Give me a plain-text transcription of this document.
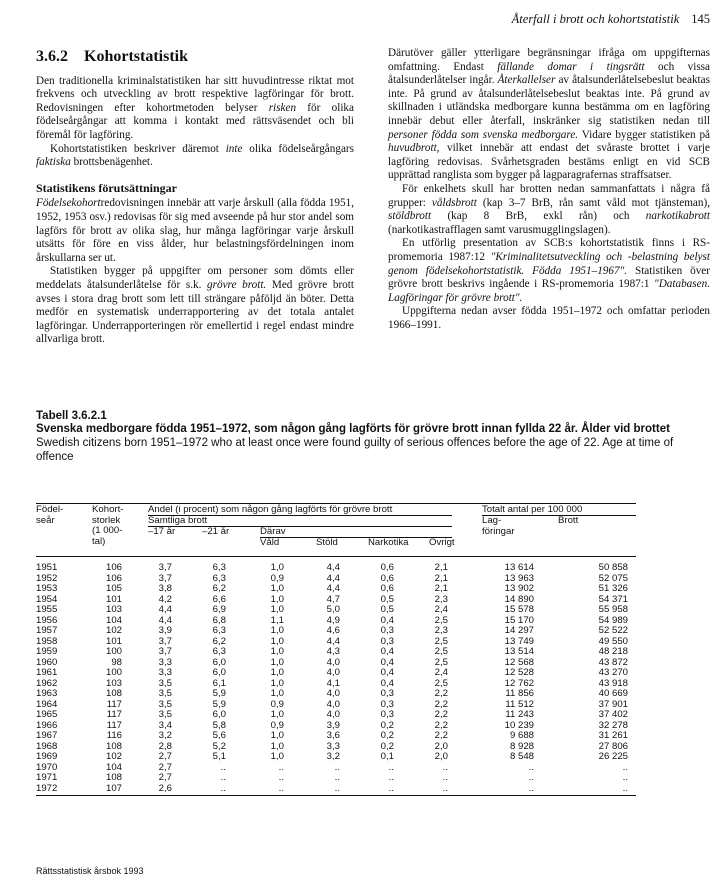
Återfall i brott och kohortstatistik 145
3.6.2 Kohortstatistik

Den traditionella kriminalstatistiken har sitt huvudintresse riktat mot frekvens och utveckling av brott respektive lagföringar för brott. Redovisningen efter kohortmetoden belyser risken för olika födelseårgångar att komma i kontakt med rättsväsendet och bli föremål för lagföring.

Kohortstatistiken beskriver däremot inte olika födelseårgångars faktiska brottsbenägenhet.

Statistikens förutsättningar

Födelsekohortredovisningen innebär att varje årskull (alla födda 1951, 1952, 1953 osv.) redovisas för sig med avseende på hur stor andel som lagförs för brott av olika slag, hur många lagföringar varje årskull utsätts för före en viss ålder, hur belastningsfördelningen inom årskullarna ser ut.

Statistiken bygger på uppgifter om personer som dömts eller meddelats åtalsunderlåtelse för s.k. grövre brott. Med grövre brott avses i stora drag brott som lett till strängare påföljd än böter. Detta medför en systematisk underrapportering av det totala antalet lagföringar. Underrapporteringen rör emellertid i regel endast mindre allvarliga brott.

Därutöver gäller ytterligare begränsningar ifråga om uppgifternas omfattning. Endast fällande domar i tingsrätt och vissa åtalsunderlåtelser ingår. Återkallelser av åtalsunderlåtelsebeslut beaktas inte. På grund av åtalsunderlåtelsebeslut beaktas inte. På grund av skillnaden i utländska medborgare kunna bestämma om en lagföring innebär debut eller återfall, inskränker sig statistiken nedan till personer födda som svenska medborgare. Vidare bygger statistiken på huvudbrott, vilket innebär att endast det svåraste brottet i varje lagföring redovisas. Svårhetsgraden bestäms enligt en vid SCB upprättad ranglista som bygger på lagparagrafernas straffsatser.

För enkelhets skull har brotten nedan sammanfattats i några få grupper: våldsbrott (kap 3–7 BrB, rån samt våld mot tjänsteman), stöldbrott (kap 8 BrB, exkl rån) och narkotikabrott (narkotikastrafflagen samt varusmugglingslagen).

En utförlig presentation av SCB:s kohortstatistik finns i RS-promemoria 1987:12 "Kriminalitetsutveckling och -belastning belyst genom födelsekohortstatistik. Födda 1951–1967". Statistiken över grövre brott beskrivs ingående i RS-promemoria 1987:1 "Databasen. Lagföringar för grövre brott".

Uppgifterna nedan avser födda 1951–1972 och omfattar perioden 1966–1991.

Tabell 3.6.2.1
Svenska medborgare födda 1951–1972, som någon gång lagförts för grövre brott innan fyllda 22 år. Ålder vid brottet
Swedish citizens born 1951–1972 who at least once were found guilty of serious offences before the age of 22. Age at time of offence
Födel-
seår
Kohort-
storlek
(1 000-
tal)
Andel (i procent) som någon gång lagförts för grövre brott
Samtliga brott
–17 år	–21 år	Därav
Våld	Stöld	Narkotika Övrigt
Totalt antal per 100 000
Lag-
föringar
Brott
1951	106	3,7	6,3	1,0	4,4	0,6	2,1	13 614	50 858
1952	106	3,7	6,3	0,9	4,4	0,6	2,1	13 963	52 075
1953	105	3,8	6,2	1,0	4,4	0,6	2,1	13 902	51 326
1954	101	4,2	6,6	1,0	4,7	0,5	2,3	14 890	54 371
1955	103	4,4	6,9	1,0	5,0	0,5	2,4	15 578	55 958
1956	104	4,4	6,8	1,1	4,9	0,4	2,5	15 170	54 989
1957	102	3,9	6,3	1,0	4,6	0,3	2,3	14 297	52 522
1958	101	3,7	6,2	1,0	4,4	0,3	2,5	13 749	49 550
1959	100	3,7	6,3	1,0	4,3	0,4	2,5	13 514	48 218
1960	98	3,3	6,0	1,0	4,0	0,4	2,5	12 568	43 872
1961	100	3,3	6,0	1,0	4,0	0,4	2,4	12 528	43 270
1962	103	3,5	6,1	1,0	4,1	0,4	2,5	12 762	43 918
1963	108	3,5	5,9	1,0	4,0	0,3	2,2	11 856	40 669
1964	117	3,5	5,9	0,9	4,0	0,3	2,2	11 512	37 901
1965	117	3,5	6,0	1,0	4,0	0,3	2,2	11 243	37 402
1966	117	3,4	5,8	0,9	3,9	0,2	2,2	10 239	32 278
1967	116	3,2	5,6	1,0	3,6	0,2	2,2	9 688	31 261
1968	108	2,8	5,2	1,0	3,3	0,2	2,0	8 928	27 806
1969	102	2,7	5,1	1,0	3,2	0,1	2,0	8 548	26 225
1970	104	2,7	..	..	..	..	..	..	..
1971	108	2,7	..	..	..	..	..	..	..
1972	107	2,6	..	..	..	..	..	..	..
Rättsstatistisk årsbok 1993
